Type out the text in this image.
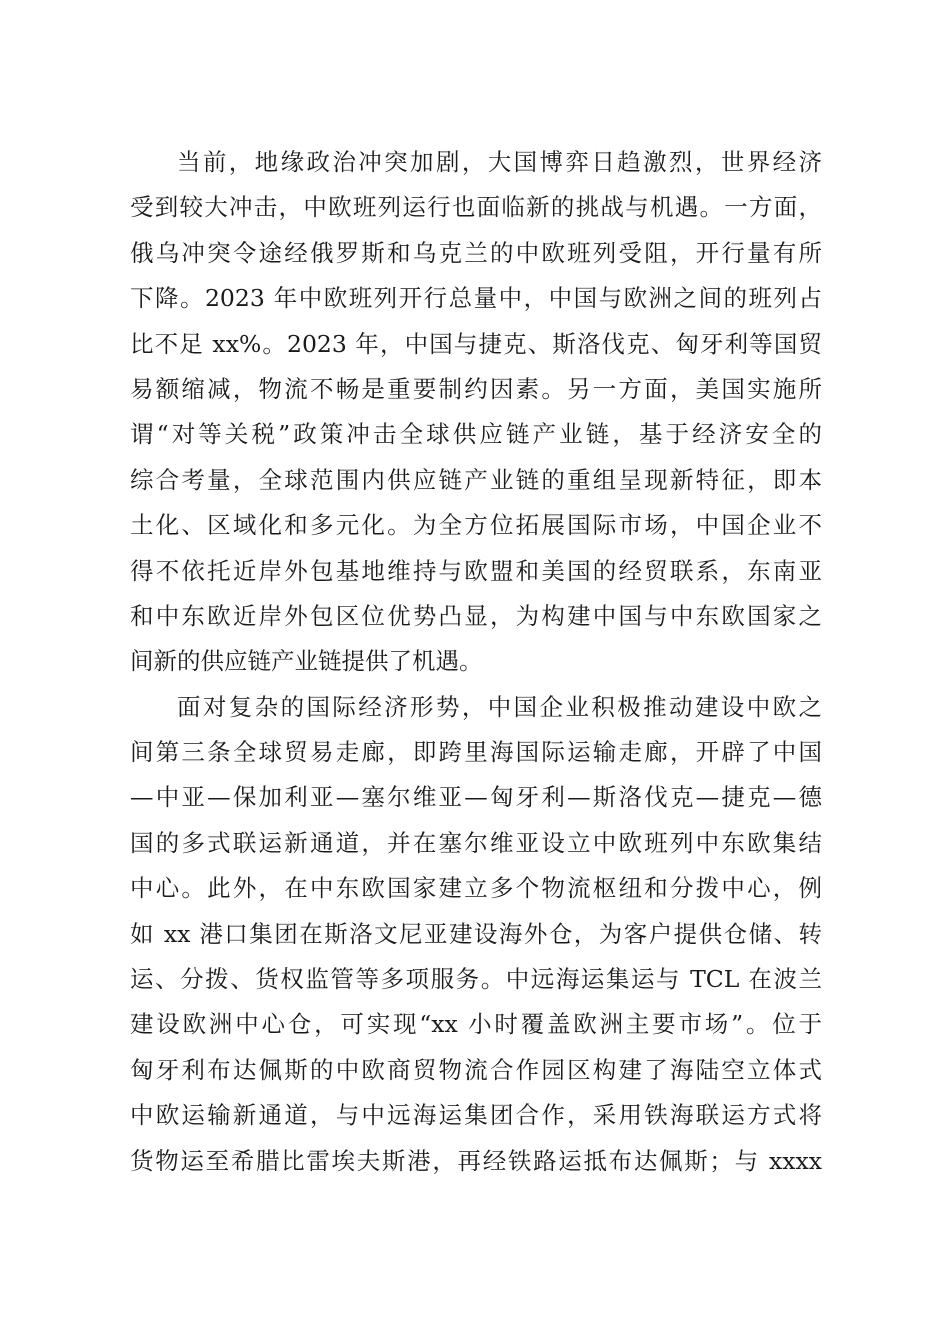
当前，地缘政治冲突加剧，大国博弈日趋激烈，世界经济
受到较大冲击，中欧班列运行也面临新的挑战与机遇。一方面，
俄乌冲突令途经俄罗斯和乌克兰的中欧班列受阻，开行量有所
下降。2023 年中欧班列开行总量中，中国与欧洲之间的班列占
比不足 xx%。2023 年，中国与捷克、斯洛伐克、匈牙利等国贸
易额缩减，物流不畅是重要制约因素。另一方面，美国实施所
谓“对等关税”政策冲击全球供应链产业链，基于经济安全的
综合考量，全球范围内供应链产业链的重组呈现新特征，即本
土化、区域化和多元化。为全方位拓展国际市场，中国企业不
得不依托近岸外包基地维持与欧盟和美国的经贸联系，东南亚
和中东欧近岸外包区位优势凸显，为构建中国与中东欧国家之
间新的供应链产业链提供了机遇。
面对复杂的国际经济形势，中国企业积极推动建设中欧之
间第三条全球贸易走廊，即跨里海国际运输走廊，开辟了中国
—中亚—保加利亚—塞尔维亚—匈牙利—斯洛伐克—捷克—德
国的多式联运新通道，并在塞尔维亚设立中欧班列中东欧集结
中心。此外，在中东欧国家建立多个物流枢纽和分拨中心，例
如 xx 港口集团在斯洛文尼亚建设海外仓，为客户提供仓储、转
运、分拨、货权监管等多项服务。中远海运集运与 TCL 在波兰
建设欧洲中心仓，可实现“xx 小时覆盖欧洲主要市场”。位于
匈牙利布达佩斯的中欧商贸物流合作园区构建了海陆空立体式
中欧运输新通道，与中远海运集团合作，采用铁海联运方式将
货物运至希腊比雷埃夫斯港，再经铁路运抵布达佩斯；与 xxxx
